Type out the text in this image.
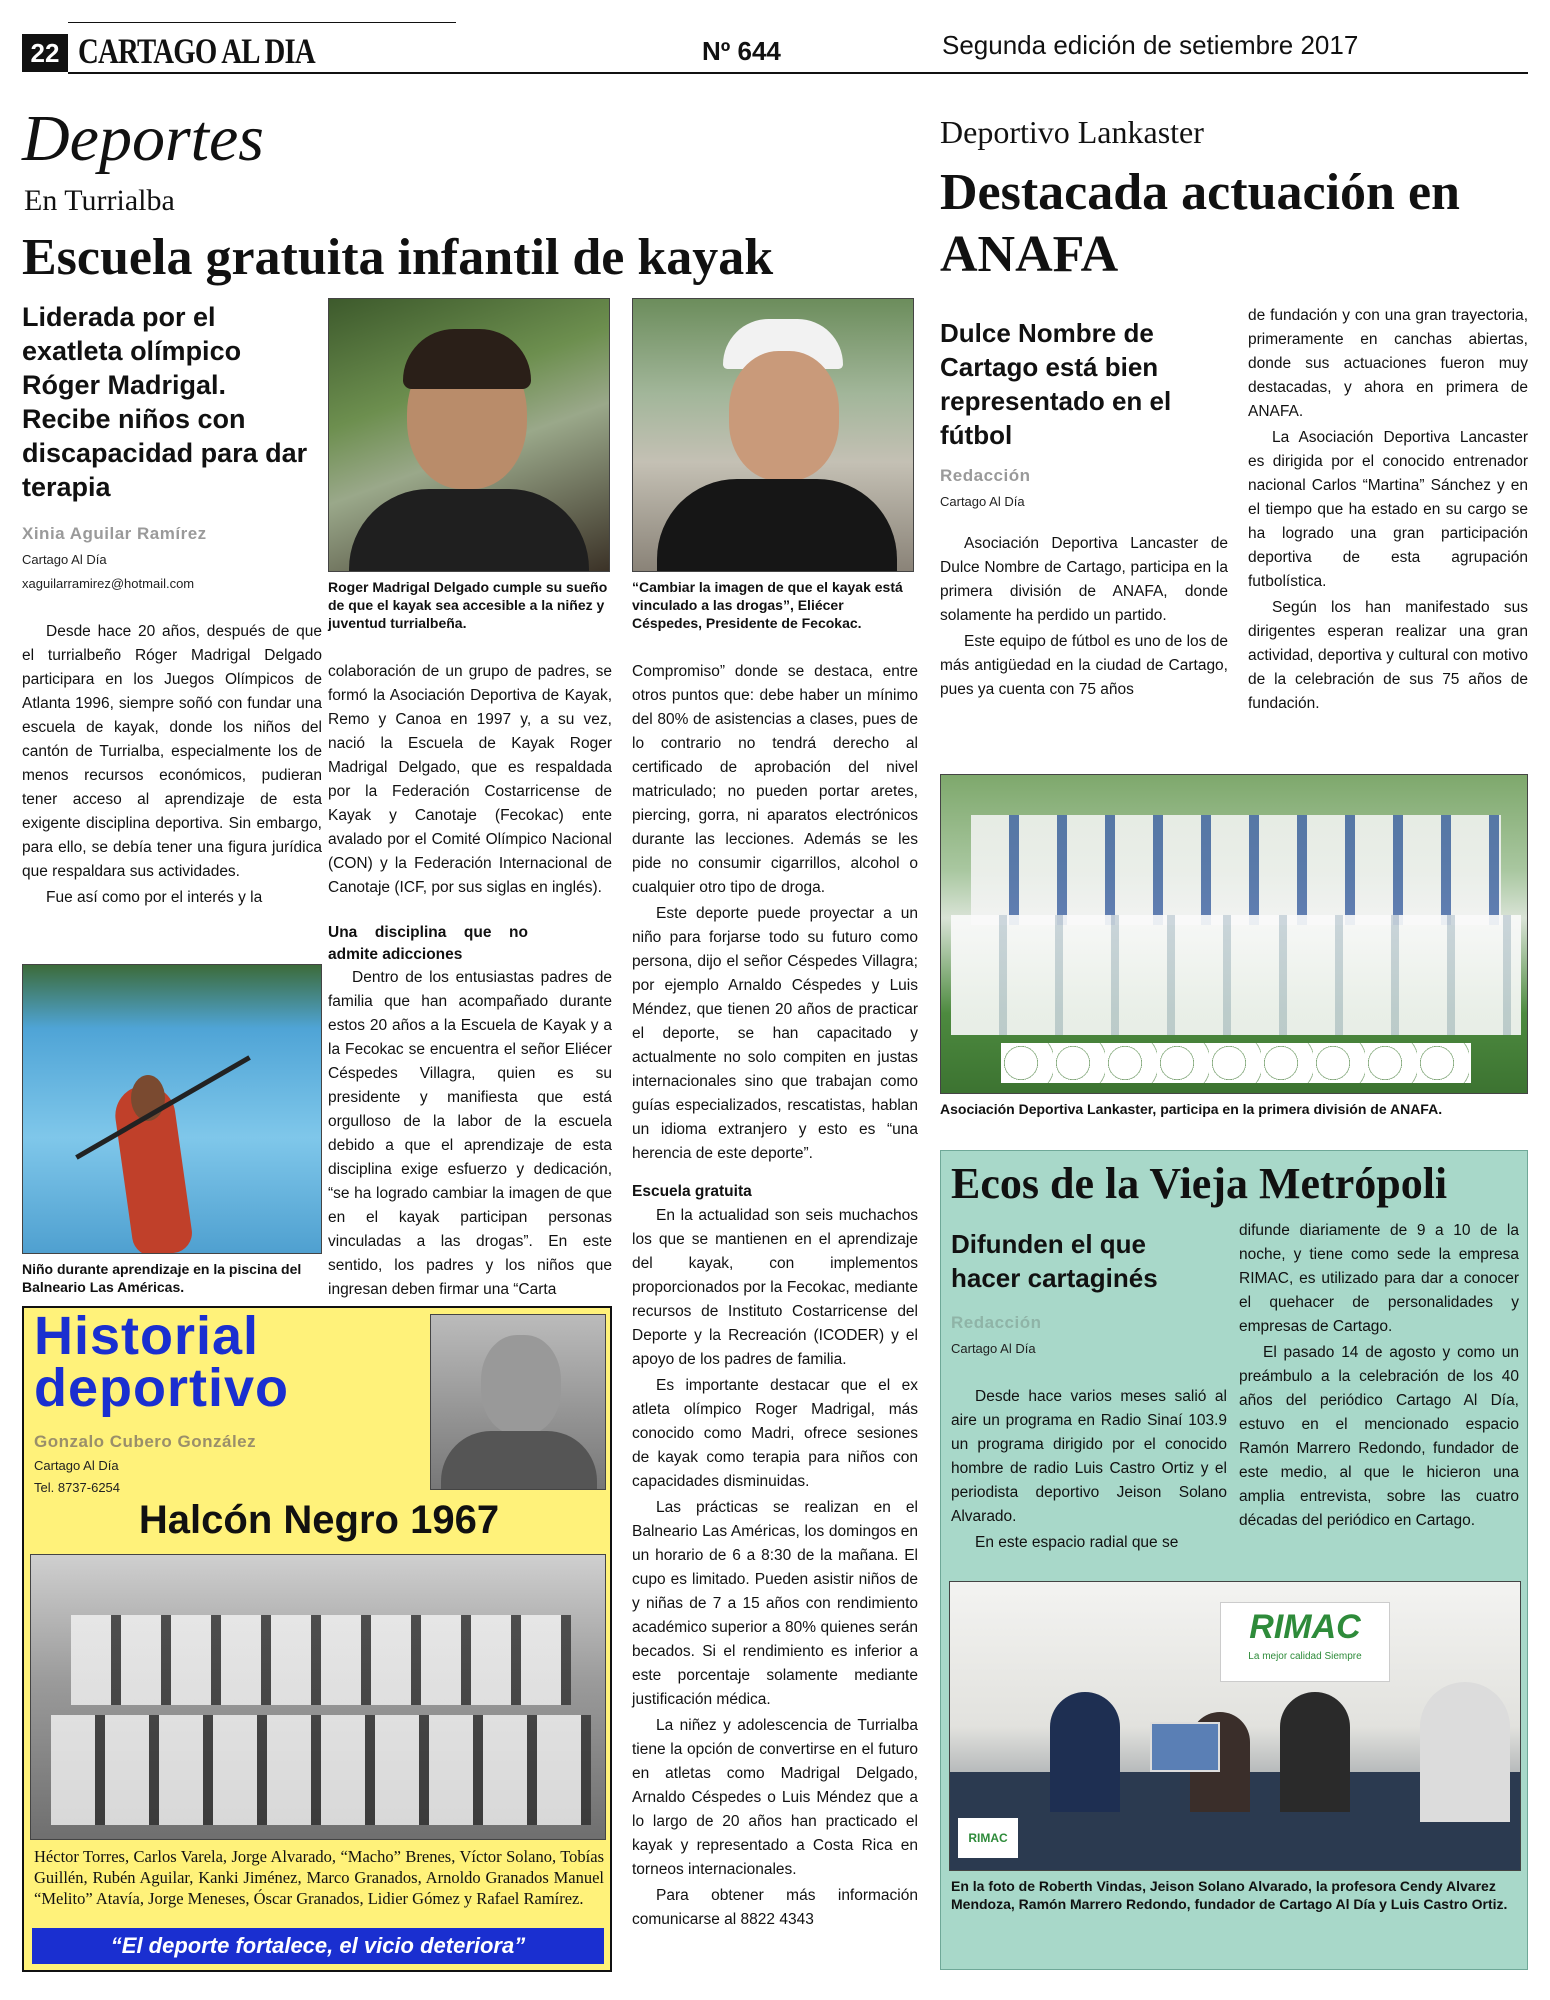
22 CARTAGO AL DIA	Nº 644	Segunda edición de setiembre 2017
Deportes
En Turrialba
Escuela gratuita infantil de kayak
Liderada por el exatleta olímpico Róger Madrigal. Recibe niños con discapacidad para dar terapia
Xinia Aguilar Ramírez
Cartago Al Día
xaguilarramirez@hotmail.com

Desde hace 20 años, después de que el turrialbeño Róger Madrigal Delgado participara en los Juegos Olímpicos de Atlanta 1996, siempre soñó con fundar una escuela de kayak, donde los niños del cantón de Turrialba, especialmente los de menos recursos económicos, pudieran tener acceso al aprendizaje de esta exigente disciplina deportiva. Sin embargo, para ello, se debía tener una figura jurídica que respaldara sus actividades.

Fue así como por el interés y la

Roger Madrigal Delgado cumple su sueño de que el kayak sea accesible a la niñez y juventud turrialbeña.
“Cambiar la imagen de que el kayak está vinculado a las drogas”, Eliécer Céspedes, Presidente de Fecokac.

colaboración de un grupo de padres, se formó la Asociación Deportiva de Kayak, Remo y Canoa en 1997 y, a su vez, nació la Escuela de Kayak Roger Madrigal Delgado, que es respaldada por la Federación Costarricense de Kayak y Canotaje (Fecokac) ente avalado por el Comité Olímpico Nacional (CON) y la Federación Internacional de Canotaje (ICF, por sus siglas en inglés).

Una disciplina que no admite adicciones

Dentro de los entusiastas padres de familia que han acompañado durante estos 20 años a la Escuela de Kayak y a la Fecokac se encuentra el señor Eliécer Céspedes Villagra, quien es su presidente y manifiesta que está orgulloso de la labor de la escuela debido a que el aprendizaje de esta disciplina exige esfuerzo y dedicación, “se ha logrado cambiar la imagen de que en el kayak participan personas vinculadas a las drogas”. En este sentido, los padres y los niños que ingresan deben firmar una “Carta

Compromiso” donde se destaca, entre otros puntos que: debe haber un mínimo del 80% de asistencias a clases, pues de lo contrario no tendrá derecho al certificado de aprobación del nivel matriculado; no pueden portar aretes, piercing, gorra, ni aparatos electrónicos durante las lecciones. Además se les pide no consumir cigarrillos, alcohol o cualquier otro tipo de droga.

Este deporte puede proyectar a un niño para forjarse todo su futuro como persona, dijo el señor Céspedes Villagra; por ejemplo Arnaldo Céspedes y Luis Méndez, que tienen 20 años de practicar el deporte, se han capacitado y actualmente no solo compiten en justas internacionales sino que trabajan como guías especializados, rescatistas, hablan un idioma extranjero y esto es “una herencia de este deporte”.

Escuela gratuita

En la actualidad son seis muchachos los que se mantienen en el aprendizaje del kayak, con implementos proporcionados por la Fecokac, mediante recursos de Instituto Costarricense del Deporte y la Recreación (ICODER) y el apoyo de los padres de familia.

Es importante destacar que el ex atleta olímpico Roger Madrigal, más conocido como Madri, ofrece sesiones de kayak como terapia para niños con capacidades disminuidas.

Las prácticas se realizan en el Balneario Las Américas, los domingos en un horario de 6 a 8:30 de la mañana. El cupo es limitado. Pueden asistir niños de y niñas de 7 a 15 años con rendimiento académico superior a 80% quienes serán becados. Si el rendimiento es inferior a este porcentaje solamente mediante justificación médica.

La niñez y adolescencia de Turrialba tiene la opción de convertirse en el futuro en atletas como Madrigal Delgado, Arnaldo Céspedes o Luis Méndez que a lo largo de 20 años han practicado el kayak y representado a Costa Rica en torneos internacionales.

Para obtener más información comunicarse al 8822 4343

Niño durante aprendizaje en la piscina del Balneario Las Américas.
Historial deportivo
Gonzalo Cubero González
Cartago Al Día
Tel. 8737-6254
Halcón Negro 1967
Héctor Torres, Carlos Varela, Jorge Alvarado, “Macho” Brenes, Víctor Solano, Tobías Guillén, Rubén Aguilar, Kanki Jiménez, Marco Granados, Arnoldo Granados Manuel “Melito” Atavía, Jorge Meneses, Óscar Granados, Lidier Gómez y Rafael Ramírez.
“El deporte fortalece, el vicio deteriora”
Deportivo Lankaster
Destacada actuación en ANAFA
Dulce Nombre de Cartago está bien representado en el fútbol
Redacción
Cartago Al Día

Asociación Deportiva Lancaster de Dulce Nombre de Cartago, participa en la primera división de ANAFA, donde solamente ha perdido un partido.

Este equipo de fútbol es uno de los de más antigüedad en la ciudad de Cartago, pues ya cuenta con 75 años

de fundación y con una gran trayectoria, primeramente en canchas abiertas, donde sus actuaciones fueron muy destacadas, y ahora en primera de ANAFA.

La Asociación Deportiva Lancaster es dirigida por el conocido entrenador nacional Carlos “Martina” Sánchez y en el tiempo que ha estado en su cargo se ha logrado una gran participación deportiva de esta agrupación futbolística.

Según los han manifestado sus dirigentes esperan realizar una gran actividad, deportiva y cultural con motivo de la celebración de sus 75 años de fundación.

Asociación Deportiva Lankaster, participa en la primera división de ANAFA.
Ecos de la Vieja Metrópoli
Difunden el que hacer cartaginés
Redacción
Cartago Al Día

Desde hace varios meses salió al aire un programa en Radio Sinaí 103.9 un programa dirigido por el conocido hombre de radio Luis Castro Ortiz y el periodista deportivo Jeison Solano Alvarado.

En este espacio radial que se

difunde diariamente de 9 a 10 de la noche, y tiene como sede la empresa RIMAC, es utilizado para dar a conocer el quehacer de personalidades y empresas de Cartago.

El pasado 14 de agosto y como un preámbulo a la celebración de los 40 años del periódico Cartago Al Día, estuvo en el mencionado espacio Ramón Marrero Redondo, fundador de este medio, al que le hicieron una amplia entrevista, sobre las cuatro décadas del periódico en Cartago.

RIMAC
La mejor calidad Siempre
RIMAC
En la foto de Roberth Vindas, Jeison Solano Alvarado, la profesora Cendy Alvarez Mendoza, Ramón Marrero Redondo, fundador de Cartago Al Día y Luis Castro Ortiz.
